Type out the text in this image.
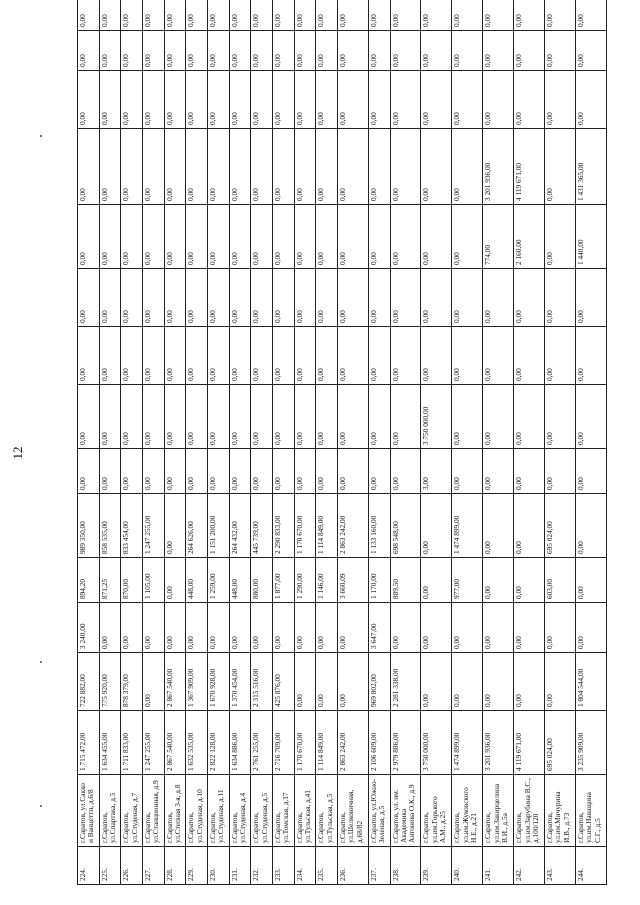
12
224.	г.Саратов, ул.Сакко и Ванцетти, д.6/8	1 715 472,00	722 882,00	3 240,00	894,20	989 350,00	0,00	0,00	0,00	0,00	0,00	0,00	0,00	0,00	0,00
225.	г.Саратов, ул.Спартака, д.5	1 634 455,00	775 920,00	0,00	871,25	858 535,00	0,00	0,00	0,00	0,00	0,00	0,00	0,00	0,00	0,00
226.	г.Саратов, ул.Студеная, д.7	1 711 833,00	878 379,00	0,00	870,00	833 454,00	0,00	0,00	0,00	0,00	0,00	0,00	0,00	0,00	0,00
227.	г.Саратов, ул.Станционная, д.9	1 247 255,00	0,00	0,00	1 105,00	1 247 255,00	0,00	0,00	0,00	0,00	0,00	0,00	0,00	0,00	0,00
228.	г.Саратов, ул.Степная 3-я, д.8	2 867 540,00	2 867 540,00	0,00	0,00	0,00	0,00	0,00	0,00	0,00	0,00	0,00	0,00	0,00	0,00
229.	г.Саратов, ул.Студеная, д.10	1 632 535,00	1 367 909,00	0,00	448,00	264 626,00	0,00	0,00	0,00	0,00	0,00	0,00	0,00	0,00	0,00
230.	г.Саратов, ул.Студеная, д.11	2 822 128,00	1 670 928,00	0,00	1 259,00	1 151 200,00	0,00	0,00	0,00	0,00	0,00	0,00	0,00	0,00	0,00
231.	г.Саратов, ул.Студеная, д.4	1 634 886,00	1 370 454,00	0,00	448,00	264 432,00	0,00	0,00	0,00	0,00	0,00	0,00	0,00	0,00	0,00
232.	г.Саратов, ул.Студеная, д.5	2 761 255,00	2 315 516,00	0,00	880,00	445 739,00	0,00	0,00	0,00	0,00	0,00	0,00	0,00	0,00	0,00
233.	г.Саратов, ул.Томская, д.17	2 716 709,00	425 876,00	0,00	1 877,00	2 290 833,00	0,00	0,00	0,00	0,00	0,00	0,00	0,00	0,00	0,00
234.	г.Саратов, ул.Тульская, д.41	1 170 670,00	0,00	0,00	1 290,00	1 170 670,00	0,00	0,00	0,00	0,00	0,00	0,00	0,00	0,00	0,00
235.	г.Саратов, ул.Тульская, д.5	1 114 849,00	0,00	0,00	1 146,00	1 114 849,00	0,00	0,00	0,00	0,00	0,00	0,00	0,00	0,00	0,00
236.	г.Саратов, ул.Шелковичная, д.68/82	2 863 242,00	0,00	0,00	3 660,09	2 863 242,00	0,00	0,00	0,00	0,00	0,00	0,00	0,00	0,00	0,00
237.	г.Саратов, ул.Южно-Зеленая, д.5	2 106 609,00	969 802,00	3 647,00	1 170,00	1 133 160,00	0,00	0,00	0,00	0,00	0,00	0,00	0,00	0,00	0,00
238.	г.Саратов, ул. им. Академика Антонова О.К., д.9	2 979 886,00	2 281 338,00	0,00	889,50	698 548,00	0,00	0,00	0,00	0,00	0,00	0,00	0,00	0,00	0,00
239.	г.Саратов, ул.им.Горького А.М., д.25	3 750 000,00	0,00	0,00	0,00	0,00	3,00	3 750 000,00	0,00	0,00	0,00	0,00	0,00	0,00	0,00
240.	г.Саратов, ул.им.Жуковского Н.Е., д.21	1 474 899,00	0,00	0,00	977,00	1 474 899,00	0,00	0,00	0,00	0,00	0,00	0,00	0,00	0,00	0,00
241.	г.Саратов, ул.им.Закирцелина В.И., д.5а	3 201 936,00	0,00	0,00	0,00	0,00	0,00	0,00	0,00	0,00	774,00	3 201 936,00	0,00	0,00	0,00
242.	г.Саратов, ул.им.Зарубина В.С., д.100/120	4 119 671,00	0,00	0,00	0,00	0,00	0,00	0,00	0,00	0,00	2 160,00	4 119 671,00	0,00	0,00	0,00
243.	г.Саратов, ул.им.Мичурина И.В., д.73	695 024,00	0,00	0,00	603,00	695 024,00	0,00	0,00	0,00	0,00	0,00	0,00	0,00	0,00	0,00
244.	г.Саратов, ул.им.Наващина С.Г., д.5	3 235 909,00	1 804 544,00	0,00	0,00	0,00	0,00	0,00	0,00	0,00	1 440,00	1 431 365,00	0,00	0,00	0,00
